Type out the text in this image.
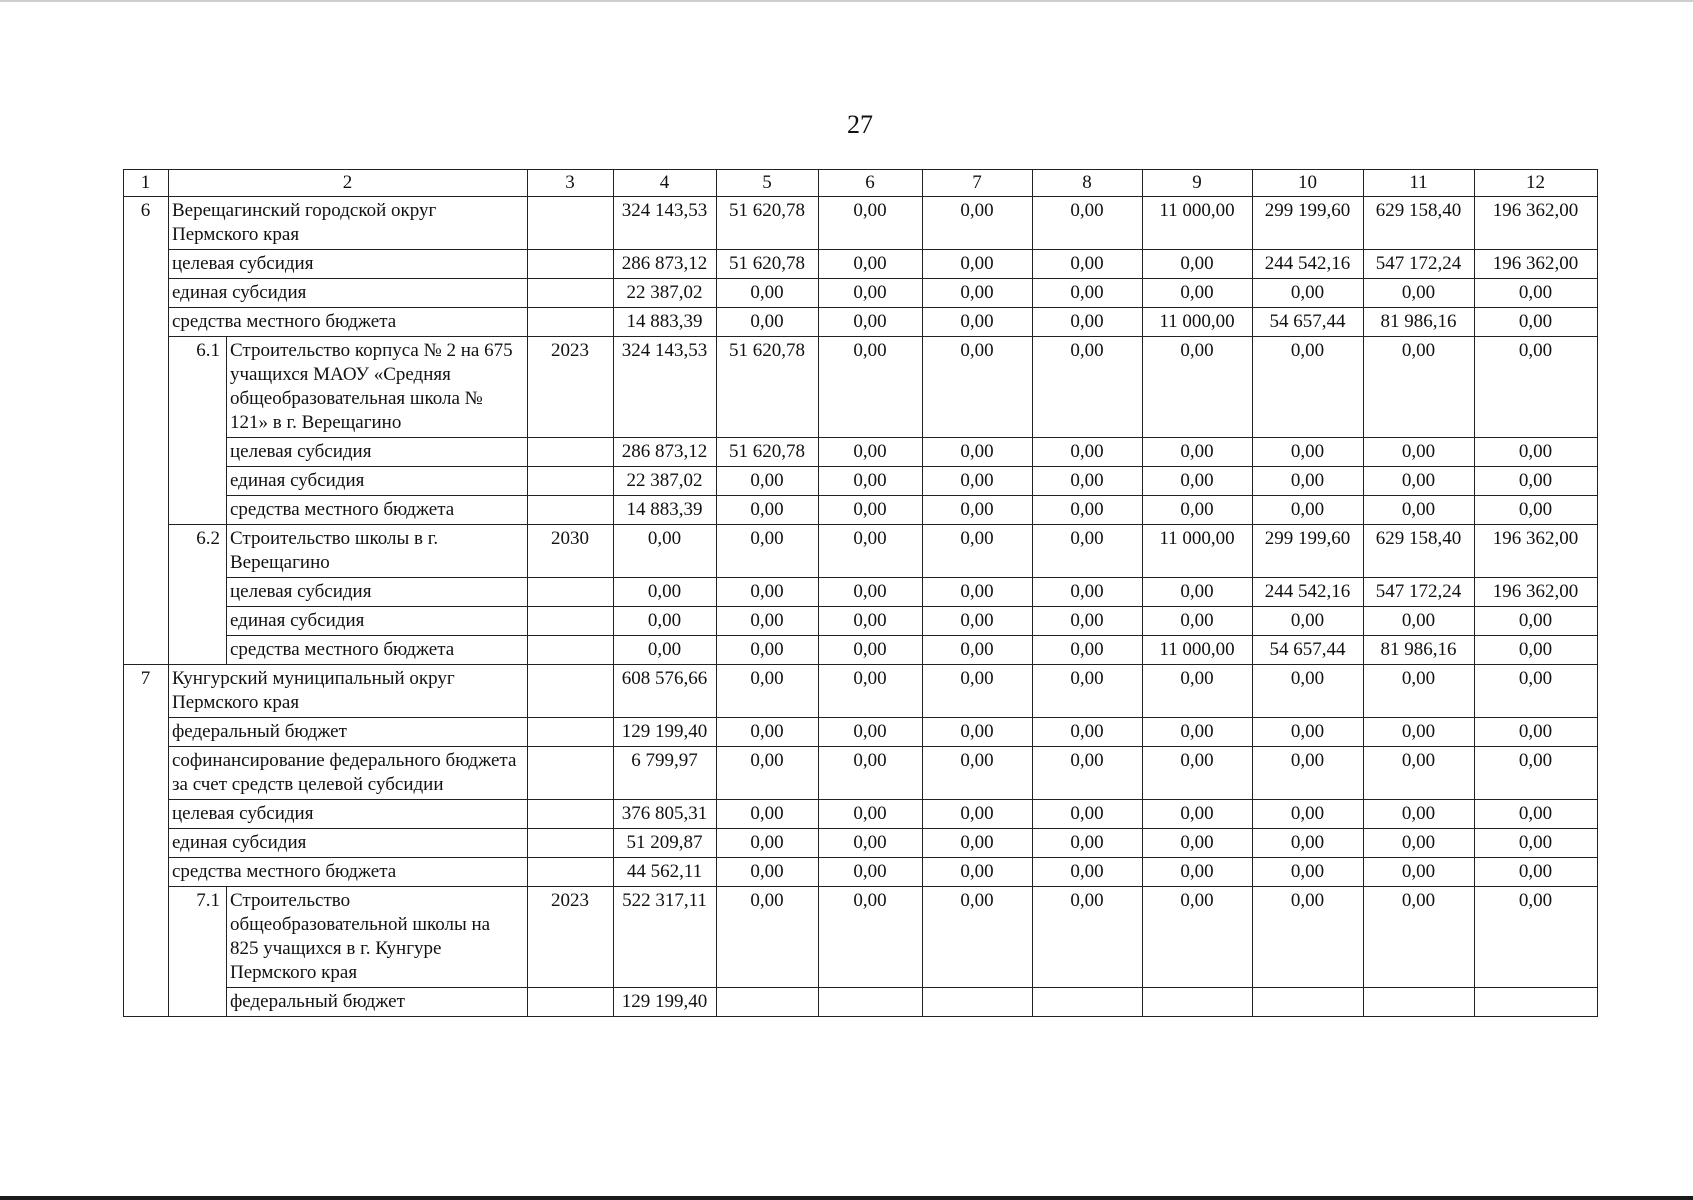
27
1	2		3	4	5	6	7	8	9	10	11	12
6	Верещагинский городской округ Пермского края			324 143,53	51 620,78	0,00	0,00	0,00	11 000,00	299 199,60	629 158,40	196 362,00
	целевая субсидия			286 873,12	51 620,78	0,00	0,00	0,00	0,00	244 542,16	547 172,24	196 362,00
	единая субсидия			22 387,02	0,00	0,00	0,00	0,00	0,00	0,00	0,00	0,00
	средства местного бюджета			14 883,39	0,00	0,00	0,00	0,00	11 000,00	54 657,44	81 986,16	0,00
	6.1	Строительство корпуса № 2 на 675 учащихся МАОУ «Средняя общеобразовательная школа № 121» в г. Верещагино	2023	324 143,53	51 620,78	0,00	0,00	0,00	0,00	0,00	0,00	0,00
		целевая субсидия		286 873,12	51 620,78	0,00	0,00	0,00	0,00	0,00	0,00	0,00
		единая субсидия		22 387,02	0,00	0,00	0,00	0,00	0,00	0,00	0,00	0,00
		средства местного бюджета		14 883,39	0,00	0,00	0,00	0,00	0,00	0,00	0,00	0,00
	6.2	Строительство школы в г. Верещагино	2030	0,00	0,00	0,00	0,00	0,00	11 000,00	299 199,60	629 158,40	196 362,00
		целевая субсидия		0,00	0,00	0,00	0,00	0,00	0,00	244 542,16	547 172,24	196 362,00
		единая субсидия		0,00	0,00	0,00	0,00	0,00	0,00	0,00	0,00	0,00
		средства местного бюджета		0,00	0,00	0,00	0,00	0,00	11 000,00	54 657,44	81 986,16	0,00
7	Кунгурский муниципальный округ Пермского края			608 576,66	0,00	0,00	0,00	0,00	0,00	0,00	0,00	0,00
	федеральный бюджет			129 199,40	0,00	0,00	0,00	0,00	0,00	0,00	0,00	0,00
	софинансирование федерального бюджета за счет средств целевой субсидии			6 799,97	0,00	0,00	0,00	0,00	0,00	0,00	0,00	0,00
	целевая субсидия			376 805,31	0,00	0,00	0,00	0,00	0,00	0,00	0,00	0,00
	единая субсидия			51 209,87	0,00	0,00	0,00	0,00	0,00	0,00	0,00	0,00
	средства местного бюджета			44 562,11	0,00	0,00	0,00	0,00	0,00	0,00	0,00	0,00
	7.1	Строительство общеобразовательной школы на 825 учащихся в г. Кунгуре Пермского края	2023	522 317,11	0,00	0,00	0,00	0,00	0,00	0,00	0,00	0,00
		федеральный бюджет		129 199,40								
